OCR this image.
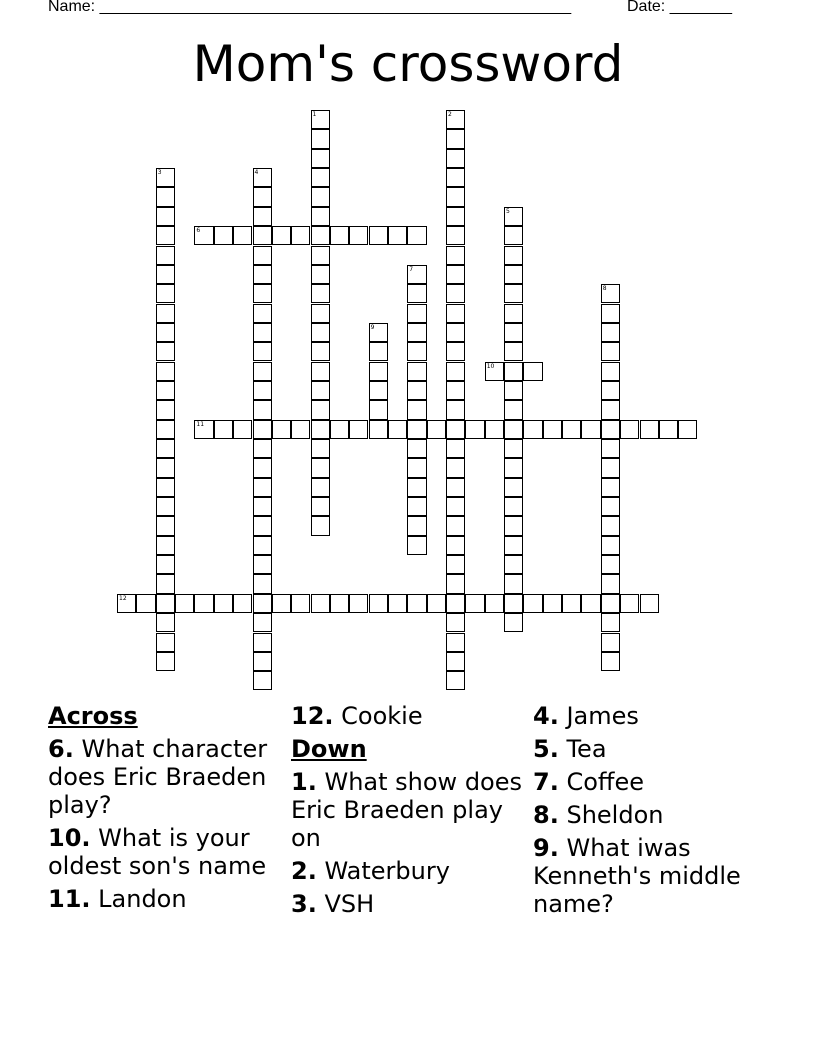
Name: _____________________________________________________

	Date: _______

Mom's crossword
1	2
3	4
5
6
7
8
9
10
11
12
Across
6. What character does Eric Braeden play?
10. What is your oldest son's name
11. Landon
12. Cookie
Down
1. What show does Eric Braeden play on
2. Waterbury
3. VSH
4. James
5. Tea
7. Coffee
8. Sheldon
9. What iwas Kenneth's middle name?
